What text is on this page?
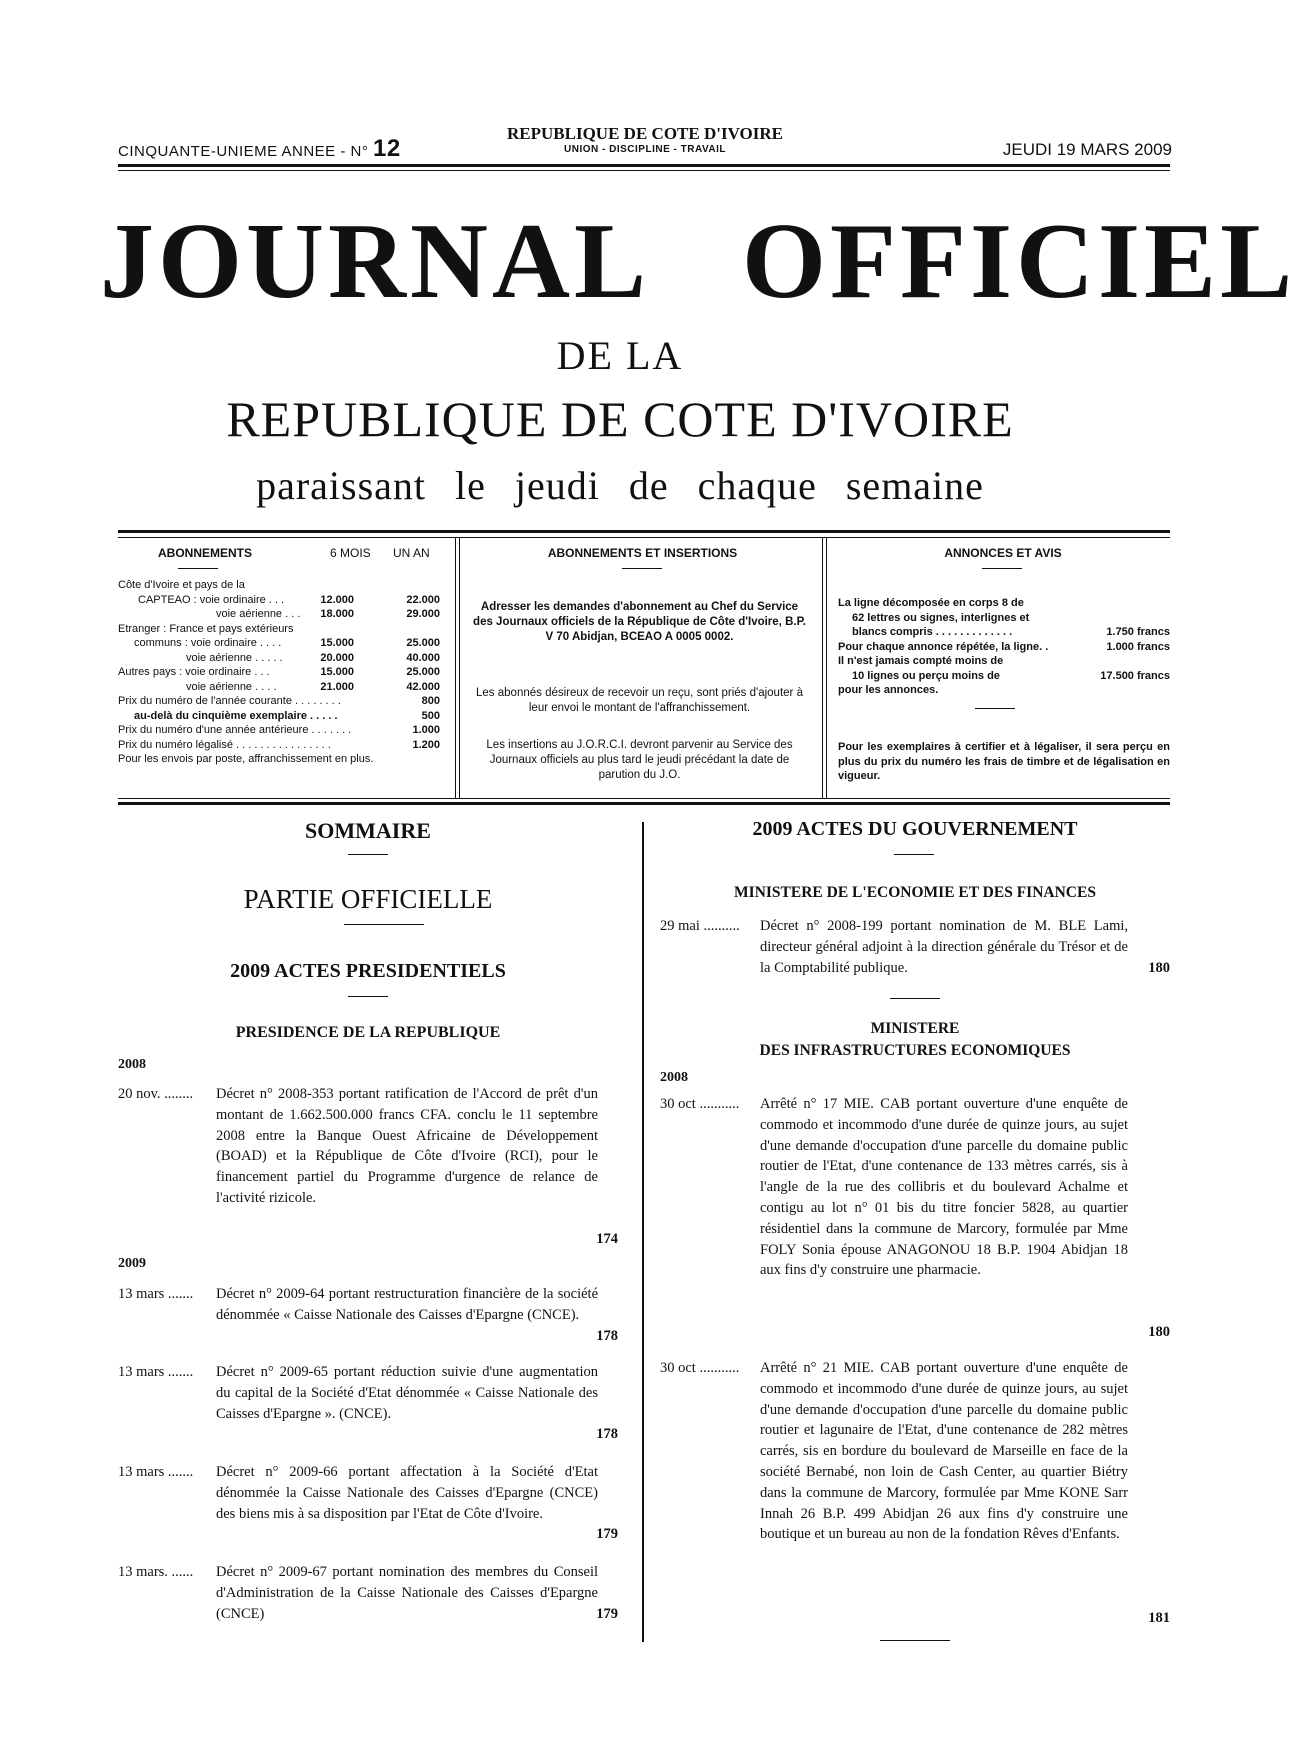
CINQUANTE-UNIEME ANNEE - N° 12
REPUBLIQUE DE COTE D'IVOIRE
UNION - DISCIPLINE - TRAVAIL	JEUDI 19 MARS 2009
JOURNAL OFFICIEL
DE LA
REPUBLIQUE DE COTE D'IVOIRE
paraissant le jeudi de chaque semaine
ABONNEMENTS	6 MOIS UN AN
Côte d'Ivoire et pays de la
CAPTEAO : voie ordinaire . . .	12.000	22.000
voie aérienne . . .	18.000	29.000
Etranger : France et pays extérieurs
communs : voie ordinaire . . . .	15.000	25.000
voie aérienne . . . . .	20.000	40.000
Autres pays : voie ordinaire . . .	15.000	25.000
voie aérienne . . . .	21.000	42.000
Prix du numéro de l'année courante . . . . . . . .	800
au-delà du cinquième exemplaire . . . . .	500
Prix du numéro d'une année antérieure . . . . . . .	1.000
Prix du numéro légalisé . . . . . . . . . . . . . . . .	1.200
Pour les envois par poste, affranchissement en plus.
ABONNEMENTS ET INSERTIONS
Adresser les demandes d'abonnement au Chef du Service des Journaux officiels de la République de Côte d'Ivoire, B.P. V 70 Abidjan, BCEAO A 0005 0002.
Les abonnés désireux de recevoir un reçu, sont priés d'ajouter à leur envoi le montant de l'affranchissement.
Les insertions au J.O.R.C.I. devront parvenir au Service des Journaux officiels au plus tard le jeudi précédant la date de parution du J.O.
ANNONCES ET AVIS
La ligne décomposée en corps 8 de
62 lettres ou signes, interlignes et
blancs compris . . . . . . . . . . . . .	1.750 francs
Pour chaque annonce répétée, la ligne. .	1.000 francs
Il n'est jamais compté moins de
10 lignes ou perçu moins de	17.500 francs
pour les annonces.
Pour les exemplaires à certifier et à légaliser, il sera perçu en plus du prix du numéro les frais de timbre et de légalisation en vigueur.
SOMMAIRE
PARTIE OFFICIELLE
2009 ACTES PRESIDENTIELS
PRESIDENCE DE LA REPUBLIQUE
2008
20 nov. ........ Décret n° 2008-353 portant ratification de l'Accord de prêt d'un montant de 1.662.500.000 francs CFA. conclu le 11 septembre 2008 entre la Banque Ouest Africaine de Développement (BOAD) et la République de Côte d'Ivoire (RCI), pour le financement partiel du Programme d'urgence de relance de l'activité rizicole.
174
2009
13 mars ....... Décret n° 2009-64 portant restructuration financière de la société dénommée « Caisse Nationale des Caisses d'Epargne (CNCE).
178
13 mars ....... Décret n° 2009-65 portant réduction suivie d'une augmentation du capital de la Société d'Etat dénommée « Caisse Nationale des Caisses d'Epargne ». (CNCE).
178
13 mars ....... Décret n° 2009-66 portant affectation à la Société d'Etat dénommée la Caisse Nationale des Caisses d'Epargne (CNCE) des biens mis à sa disposition par l'Etat de Côte d'Ivoire.
179
13 mars. ...... Décret n° 2009-67 portant nomination des membres du Conseil d'Administration de la Caisse Nationale des Caisses d'Epargne (CNCE)	179
2009 ACTES DU GOUVERNEMENT
MINISTERE DE L'ECONOMIE ET DES FINANCES
29 mai .......... Décret n° 2008-199 portant nomination de M. BLE Lami, directeur général adjoint à la direction générale du Trésor et de la Comptabilité publique.	180
MINISTERE
DES INFRASTRUCTURES ECONOMIQUES
2008
30 oct ........... Arrêté n° 17 MIE. CAB portant ouverture d'une enquête de commodo et incommodo d'une durée de quinze jours, au sujet d'une demande d'occupation d'une parcelle du domaine public routier de l'Etat, d'une contenance de 133 mètres carrés, sis à l'angle de la rue des collibris et du boulevard Achalme et contigu au lot n° 01 bis du titre foncier 5828, au quartier résidentiel dans la commune de Marcory, formulée par Mme FOLY Sonia épouse ANAGONOU 18 B.P. 1904 Abidjan 18 aux fins d'y construire une pharmacie.
180
30 oct ........... Arrêté n° 21 MIE. CAB portant ouverture d'une enquête de commodo et incommodo d'une durée de quinze jours, au sujet d'une demande d'occupation d'une parcelle du domaine public routier et lagunaire de l'Etat, d'une contenance de 282 mètres carrés, sis en bordure du boulevard de Marseille en face de la société Bernabé, non loin de Cash Center, au quartier Biétry dans la commune de Marcory, formulée par Mme KONE Sarr Innah 26 B.P. 499 Abidjan 26 aux fins d'y construire une boutique et un bureau au non de la fondation Rêves d'Enfants.
181
